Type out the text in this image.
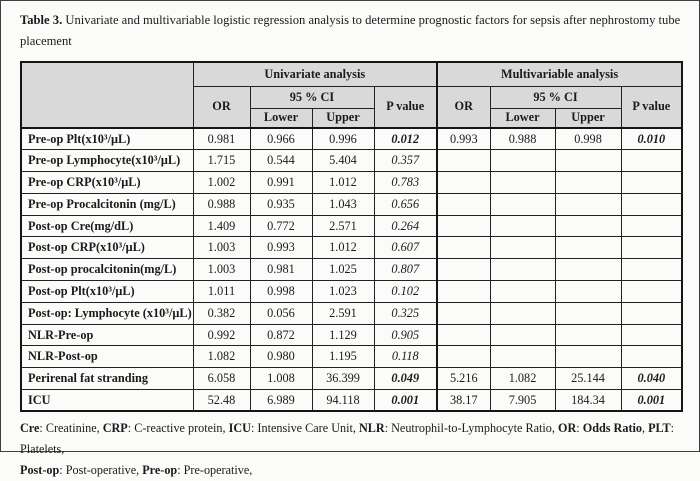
Table 3. Univariate and multivariable logistic regression analysis to determine prognostic factors for sepsis after nephrostomy tube placement
	Univariate analysis				Multivariable analysis			
	OR	95 % CI		P value	OR	95 % CI		P value
		Lower	Upper			Lower	Upper	
Pre-op Plt(x10³/μL)	0.981	0.966	0.996	0.012	0.993	0.988	0.998	0.010
Pre-op Lymphocyte(x10³/μL)	1.715	0.544	5.404	0.357				
Pre-op CRP(x10³/μL)	1.002	0.991	1.012	0.783				
Pre-op Procalcitonin (mg/L)	0.988	0.935	1.043	0.656				
Post-op Cre(mg/dL)	1.409	0.772	2.571	0.264				
Post-op CRP(x10³/μL)	1.003	0.993	1.012	0.607				
Post-op procalcitonin(mg/L)	1.003	0.981	1.025	0.807				
Post-op Plt(x10³/μL)	1.011	0.998	1.023	0.102				
Post-op: Lymphocyte (x10³/μL)	0.382	0.056	2.591	0.325				
NLR-Pre-op	0.992	0.872	1.129	0.905				
NLR-Post-op	1.082	0.980	1.195	0.118				
Perirenal fat stranding	6.058	1.008	36.399	0.049	5.216	1.082	25.144	0.040
ICU	52.48	6.989	94.118	0.001	38.17	7.905	184.34	0.001
Cre: Creatinine, CRP: C-reactive protein, ICU: Intensive Care Unit, NLR: Neutrophil-to-Lymphocyte Ratio, OR: Odds Ratio, PLT: Platelets,
Post-op: Post-operative, Pre-op: Pre-operative,
